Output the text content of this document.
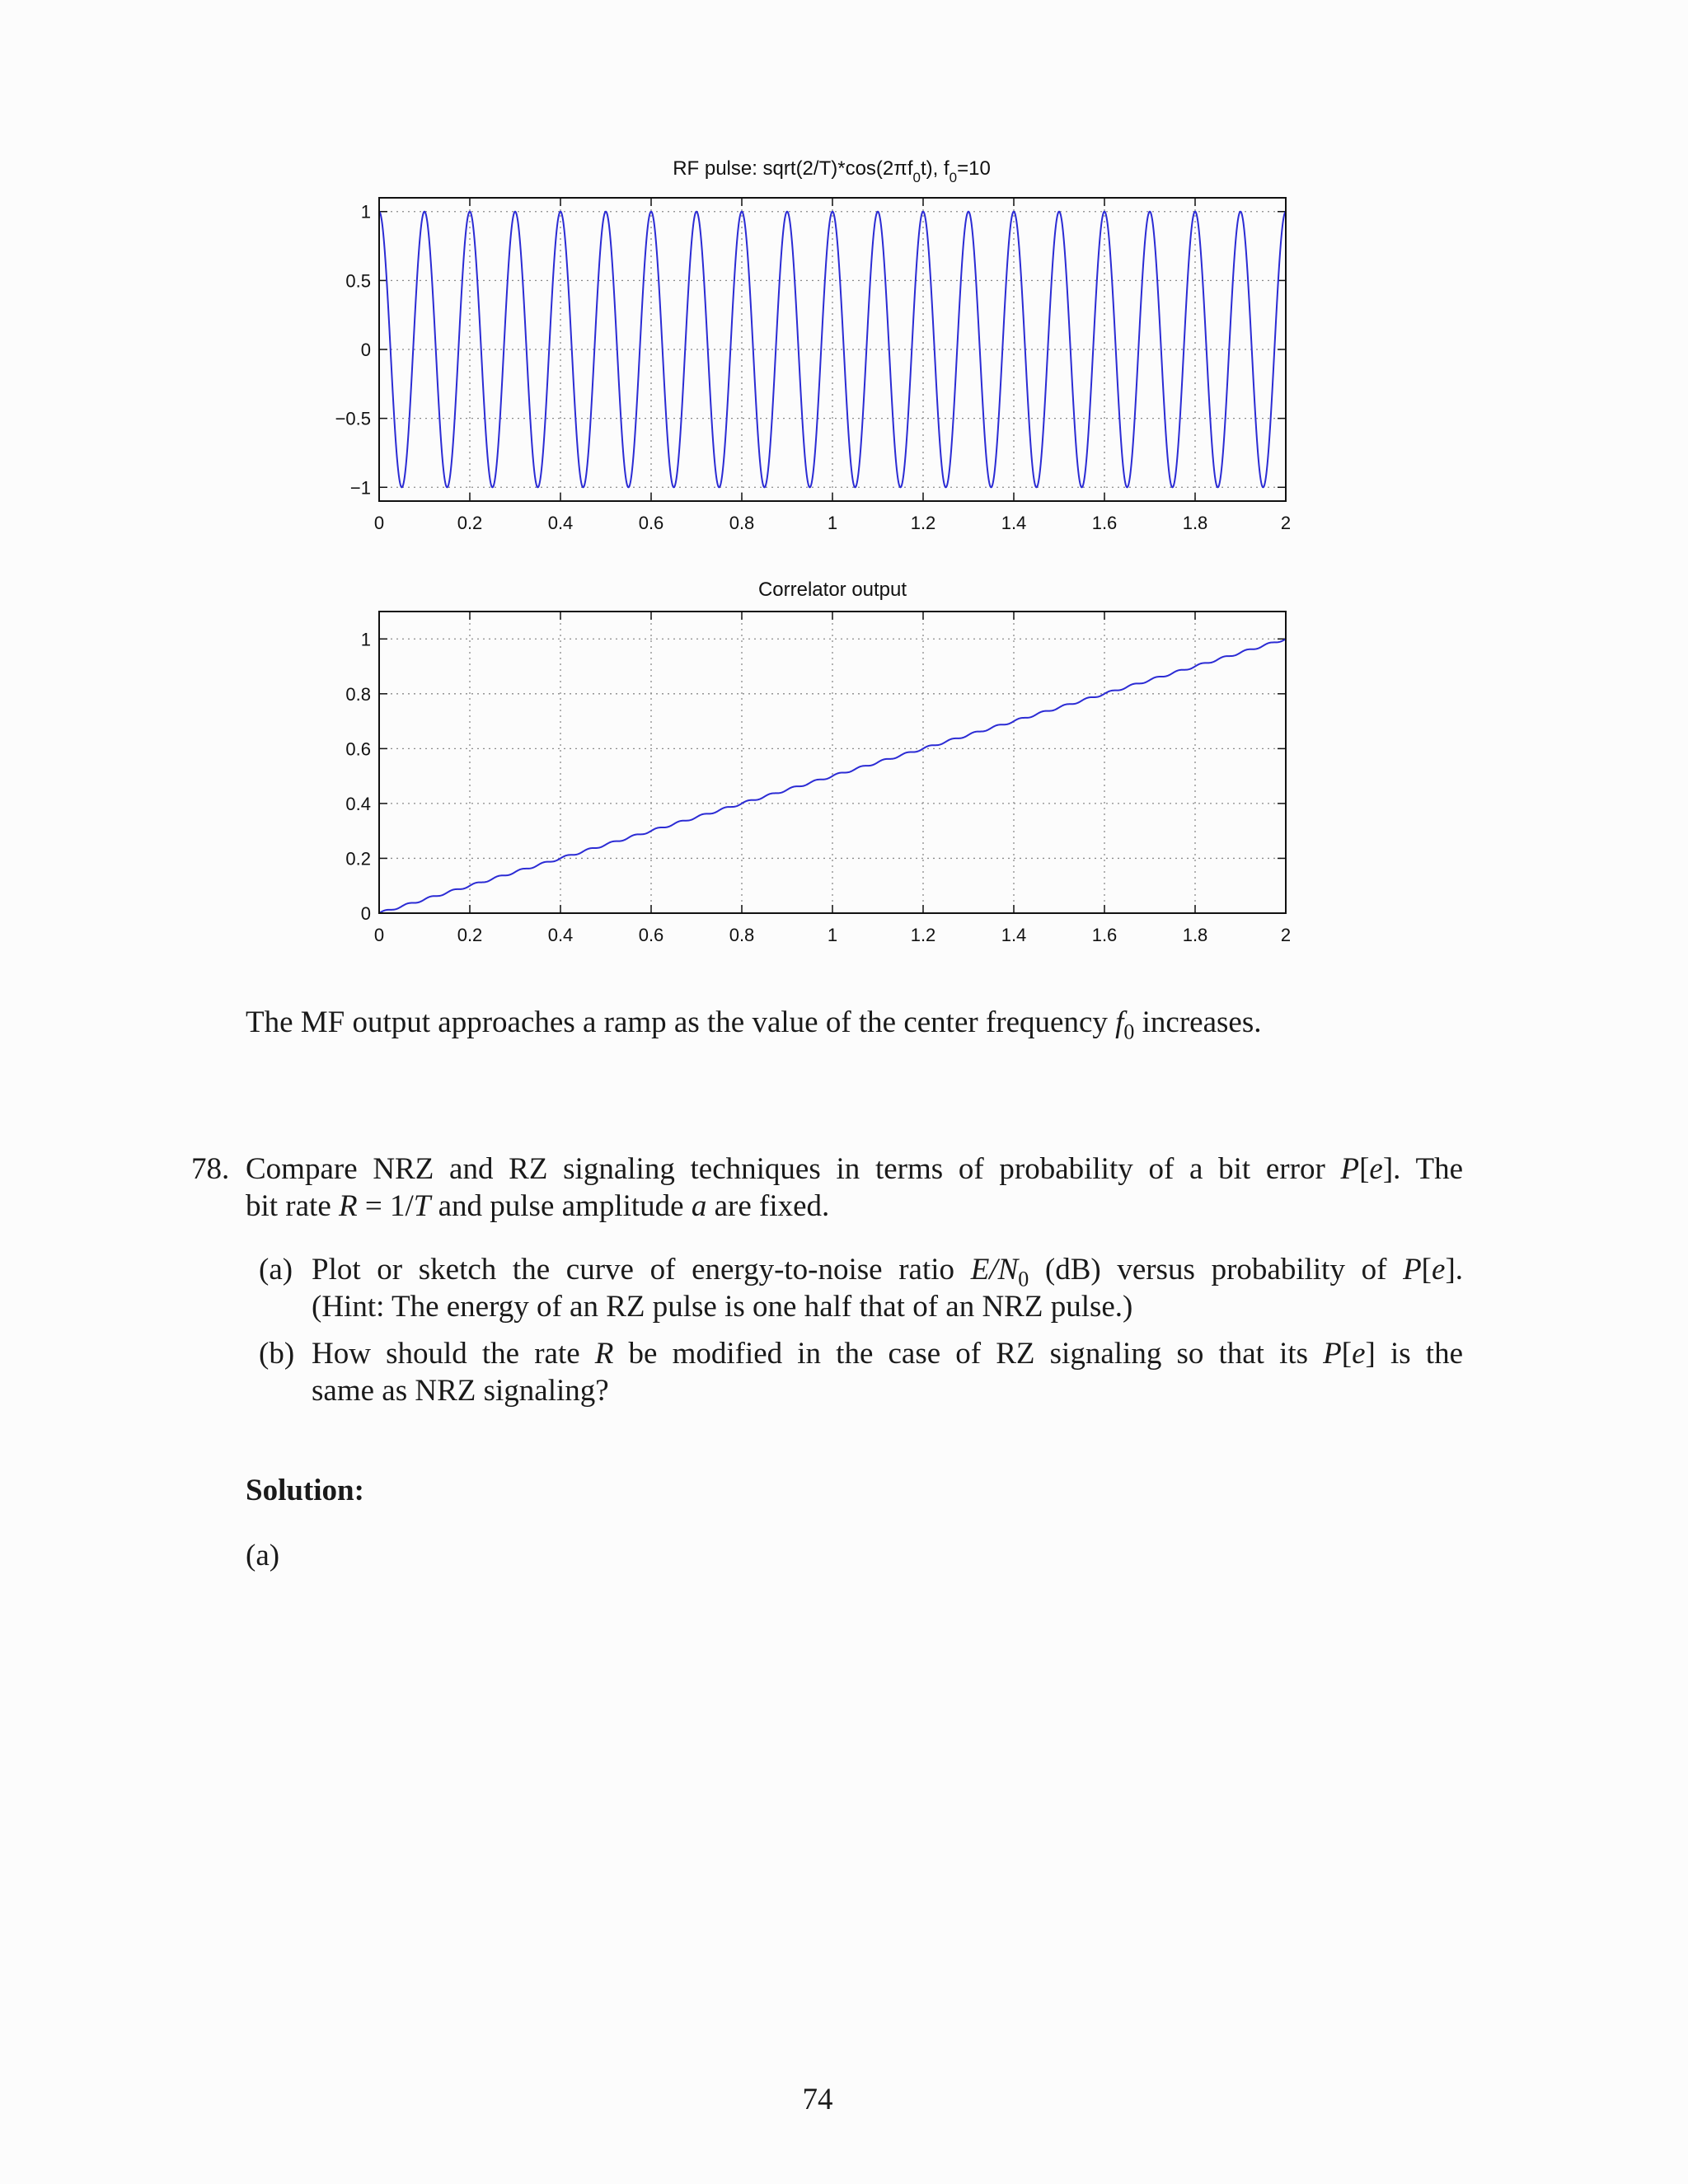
RF pulse: $sqrt(2/T)*\cos(2\pi f_0t)$, $f_0=10$
0	0.2	0.4	0.6	0.8	1	1.2	1.4	1.6	1.8	2
1
0.5
0
−0.5
−1
Correlator output
0	0.2	0.4	0.6	0.8	1	1.2	1.4	1.6	1.8	2
1
0.8
0.6
0.4
0.2
0
The MF output approaches a ramp as the value of the center frequency $f_0$ increases.
78. Compare NRZ and RZ signaling techniques in terms of probability of a bit error P[e]. The
bit rate R = 1/T and pulse amplitude a are fixed.
(a) Plot or sketch the curve of energy-to-noise ratio $E/N_0$ (dB) versus probability of P[e].
(Hint: The energy of an RZ pulse is one half that of an NRZ pulse.)
(b) How should the rate R be modified in the case of RZ signaling so that its P[e] is the
same as NRZ signaling?
Solution:
(a)
74
